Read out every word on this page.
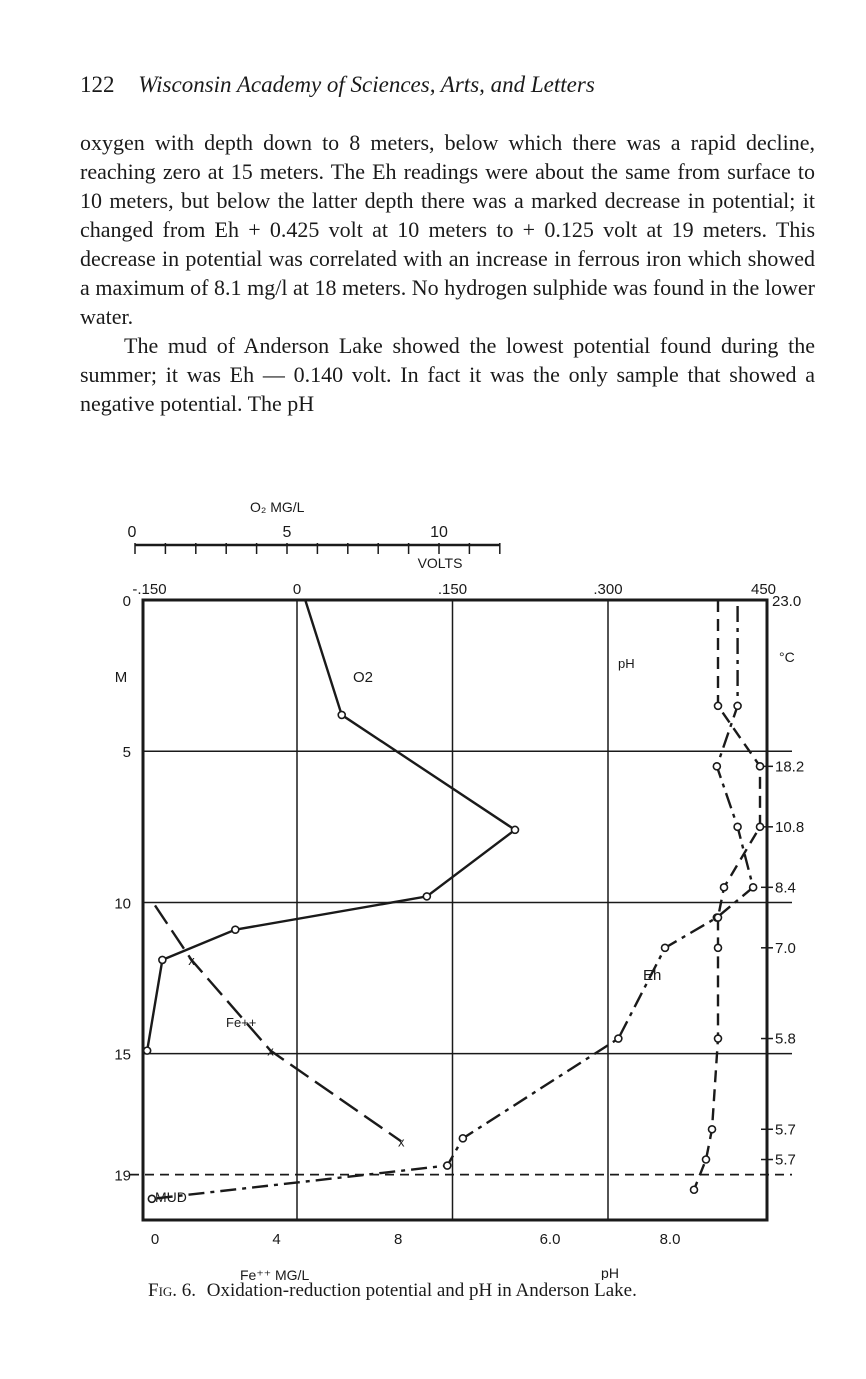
122 Wisconsin Academy of Sciences, Arts, and Letters

oxygen with depth down to 8 meters, below which there was a rapid decline, reaching zero at 15 meters. The Eh readings were about the same from surface to 10 meters, but below the latter depth there was a marked decrease in potential; it changed from Eh + 0.425 volt at 10 meters to + 0.125 volt at 19 meters. This decrease in potential was correlated with an increase in ferrous iron which showed a maximum of 8.1 mg/l at 18 meters. No hydrogen sulphide was found in the lower water.

The mud of Anderson Lake showed the lowest potential found during the summer; it was Eh — 0.140 volt. In fact it was the only sample that showed a negative potential. The pH

0	5	10
O₂ MG/L
-.150	0	.150	.300	450
VOLTS
0
5
10
15
19
M
23.0
°C
18.2
10.8
8.4
7.0
5.8
5.7
5.7
0	4	8
Fe⁺⁺ MG/L
6.0	8.0
pH
x
x
x
O2
Fe++
Eh
pH
MUD
Fig. 6. Oxidation-reduction potential and pH in Anderson Lake.
